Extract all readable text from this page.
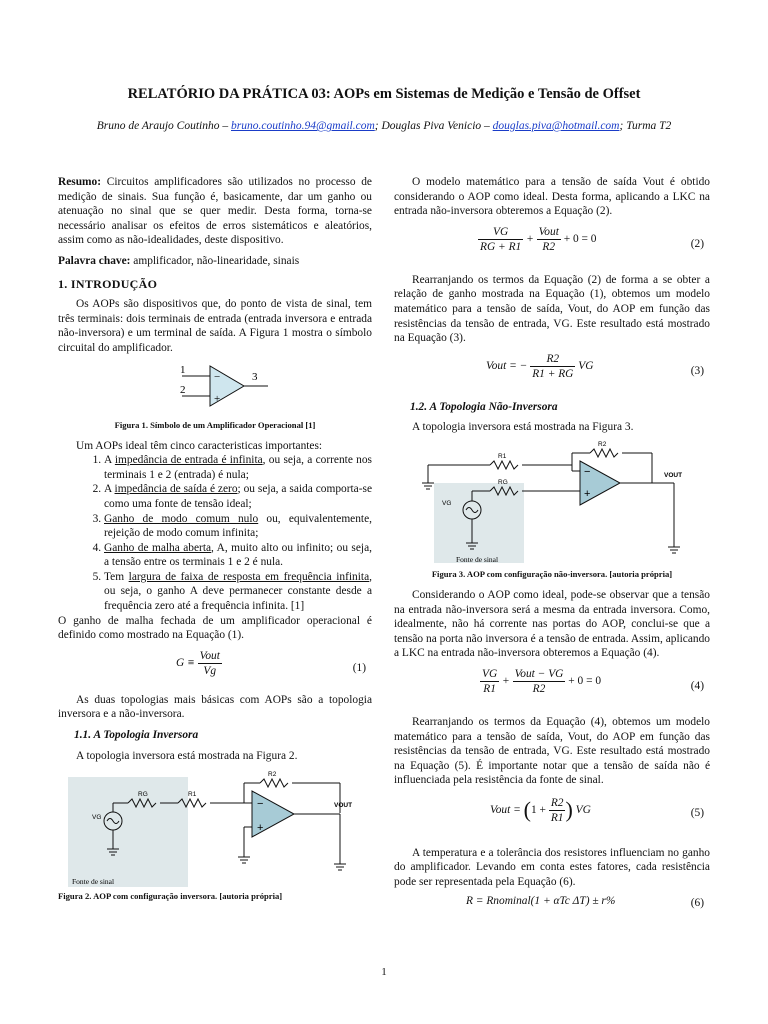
RELATÓRIO DA PRÁTICA 03: AOPs em Sistemas de Medição e Tensão de Offset
Bruno de Araujo Coutinho – bruno.coutinho.94@gmail.com; Douglas Piva Venicio – douglas.piva@hotmail.com; Turma T2

Resumo: Circuitos amplificadores são utilizados no processo de medição de sinais. Sua função é, basicamente, dar um ganho ou atenuação no sinal que se quer medir. Desta forma, torna-se necessário analisar os efeitos de erros sistemáticos e aleatórios, assim como as não-idealidades, deste dispositivo.

Palavra chave: amplificador, não-linearidade, sinais

1. INTRODUÇÃO

Os AOPs são dispositivos que, do ponto de vista de sinal, tem três terminais: dois terminais de entrada (entrada inversora e entrada não-inversora) e um terminal de saída. A Figura 1 mostra o símbolo circuital do amplificador.

1
2
3
−
+
Figura 1. Símbolo de um Amplificador Operacional [1]

Um AOPs ideal têm cinco caracteristicas importantes:

1. A impedância de entrada é infinita, ou seja, a corrente nos terminais 1 e 2 (entrada) é nula;
2. A impedância de saída é zero; ou seja, a saida comporta-se como uma fonte de tensão ideal;
3. Ganho de modo comum nulo ou, equivalentemente, rejeição de modo comum infinita;
4. Ganho de malha aberta, A, muito alto ou infinito; ou seja, a tensão entre os terminais 1 e 2 é nula.
5. Tem largura de faixa de resposta em frequência infinita, ou seja, o ganho A deve permanecer constante desde a frequência zero até a frequência infinita. [1]

O ganho de malha fechada de um amplificador operacional é definido como mostrado na Equação (1).

$G \equiv \frac{\text{Vout}}{Vg}$	(1)

As duas topologias mais básicas com AOPs são a topologia inversora e a não-inversora.

1.1. A Topologia Inversora

A topologia inversora está mostrada na Figura 2.

−
+
R2
RG	R1
VOUT
VG
Fonte de sinal
Figura 2. AOP com configuração inversora. [autoria própria]

O modelo matemático para a tensão de saída Vout é obtido considerando o AOP como ideal. Desta forma, aplicando a LKC na entrada não-inversora obteremos a Equação (2).

$\frac{VG}{RG + R1} + \frac{\text{Vout}}{R2} + 0 = 0$	(2)

Rearranjando os termos da Equação (2) de forma a se obter a relação de ganho mostrada na Equação (1), obtemos um modelo matemático para a tensão de saída, Vout, do AOP em função das resistências da tensão de entrada, VG. Este resultado está mostrado na Equação (3).

Vout = − $\frac{R2}{R1 + RG}$ VG	(3)
1.2. A Topologia Não-Inversora

A topologia inversora está mostrada na Figura 3.

−
+
R2
R1
RG
VOUT
VG
Fonte de sinal
Figura 3. AOP com configuração não-inversora. [autoria própria]

Considerando o AOP como ideal, pode-se observar que a tensão na entrada não-inversora será a mesma da entrada inversora. Como, idealmente, não há corrente nas portas do AOP, conclui-se que a tensão na porta não inversora é a tensão de entrada. Assim, aplicando a LKC na entrada não-inversora obteremos a Equação (4).

$\frac{VG}{R1} + \frac{\text{Vout − VG}}{R2} + 0 = 0$	(4)

Rearranjando os termos da Equação (4), obtemos um modelo matemático para a tensão de saída, Vout, do AOP em função das resistências da tensão de entrada, VG. Este resultado está mostrado na Equação (5). É importante notar que a tensão de saída não é influenciada pela resistência da fonte de sinal.

Vout = ($1 + \frac{R2}{R1}$ ) VG	(5)

A temperatura e a tolerância dos resistores influenciam no ganho do amplificador. Levando em conta estes fatores, cada resistência pode ser representada pela Equação (6).

R = Rnominal(1 + αTc ΔT) ± r%	(6)
1
